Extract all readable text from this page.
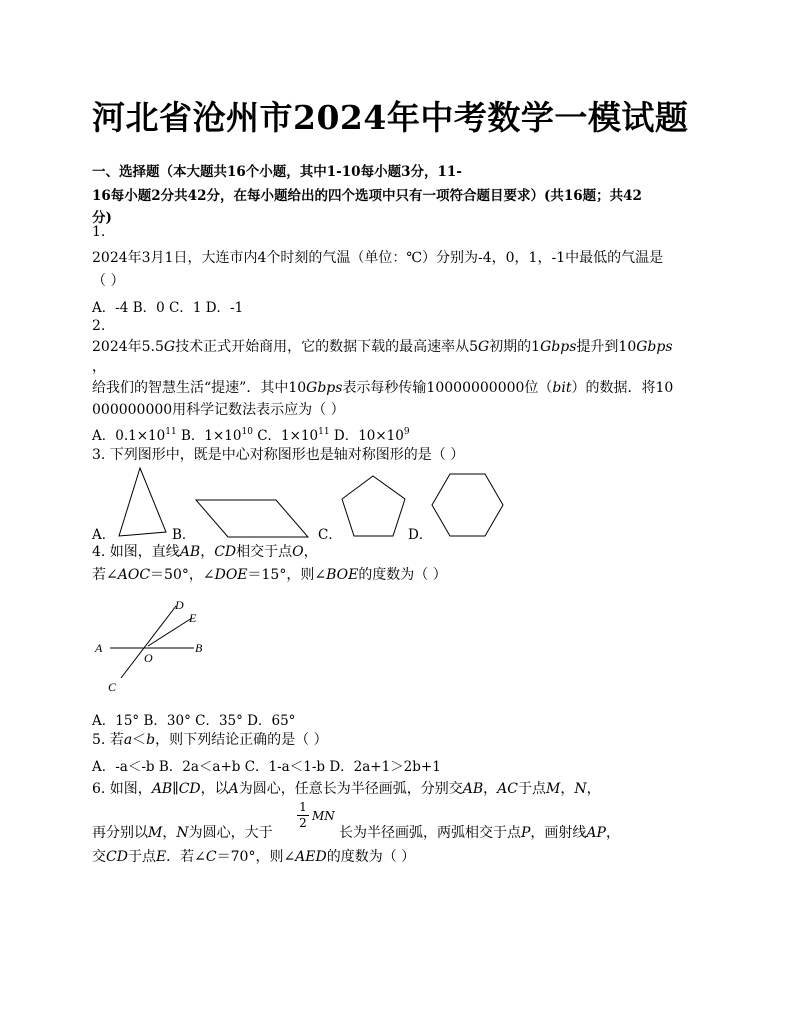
河北省沧州市2024年中考数学一模试题
一、选择题（本大题共16个小题，其中1-10每小题3分，11-
16每小题2分共42分，在每小题给出的四个选项中只有一项符合题目要求）(共16题；共42
分)
1.
2024年3月1日，大连市内4个时刻的气温（单位：℃）分别为-4，0，1，-1中最低的气温是
（ ）
A．-4 B．0 C．1 D．-1
2.
2024年5.5G技术正式开始商用，它的数据下载的最高速率从5G初期的1Gbps提升到10Gbps
，
给我们的智慧生活“提速”．其中10Gbps表示每秒传输10000000000位（bit）的数据．将10
000000000用科学记数法表示应为（ ）
A．$0.1\times 10^{11}$ B．$1\times 10^{10}$ C．$1\times 10^{11}$ D．$10\times 10^9$
3. 下列图形中，既是中心对称图形也是轴对称图形的是（ ）
A．	B．	C．	D．
4. 如图，直线AB，CD相交于点O，
若∠AOC＝50°，∠DOE＝15°，则∠BOE的度数为（ ）
A	B
C
D
E
O
A．15° B．30° C．35° D．65°
5. 若a＜b，则下列结论正确的是（ ）
A．-a＜-b B．2a＜a+b C．1-a＜1-b D．2a+1＞2b+1
6. 如图，AB∥CD，以A为圆心，任意长为半径画弧，分别交AB，AC于点M，N，
再分别以M，N为圆心，大于
$\frac{1}{2}$ MN
长为半径画弧，两弧相交于点P，画射线AP，
交CD于点E．若∠C＝70°，则∠AED的度数为（ ）
